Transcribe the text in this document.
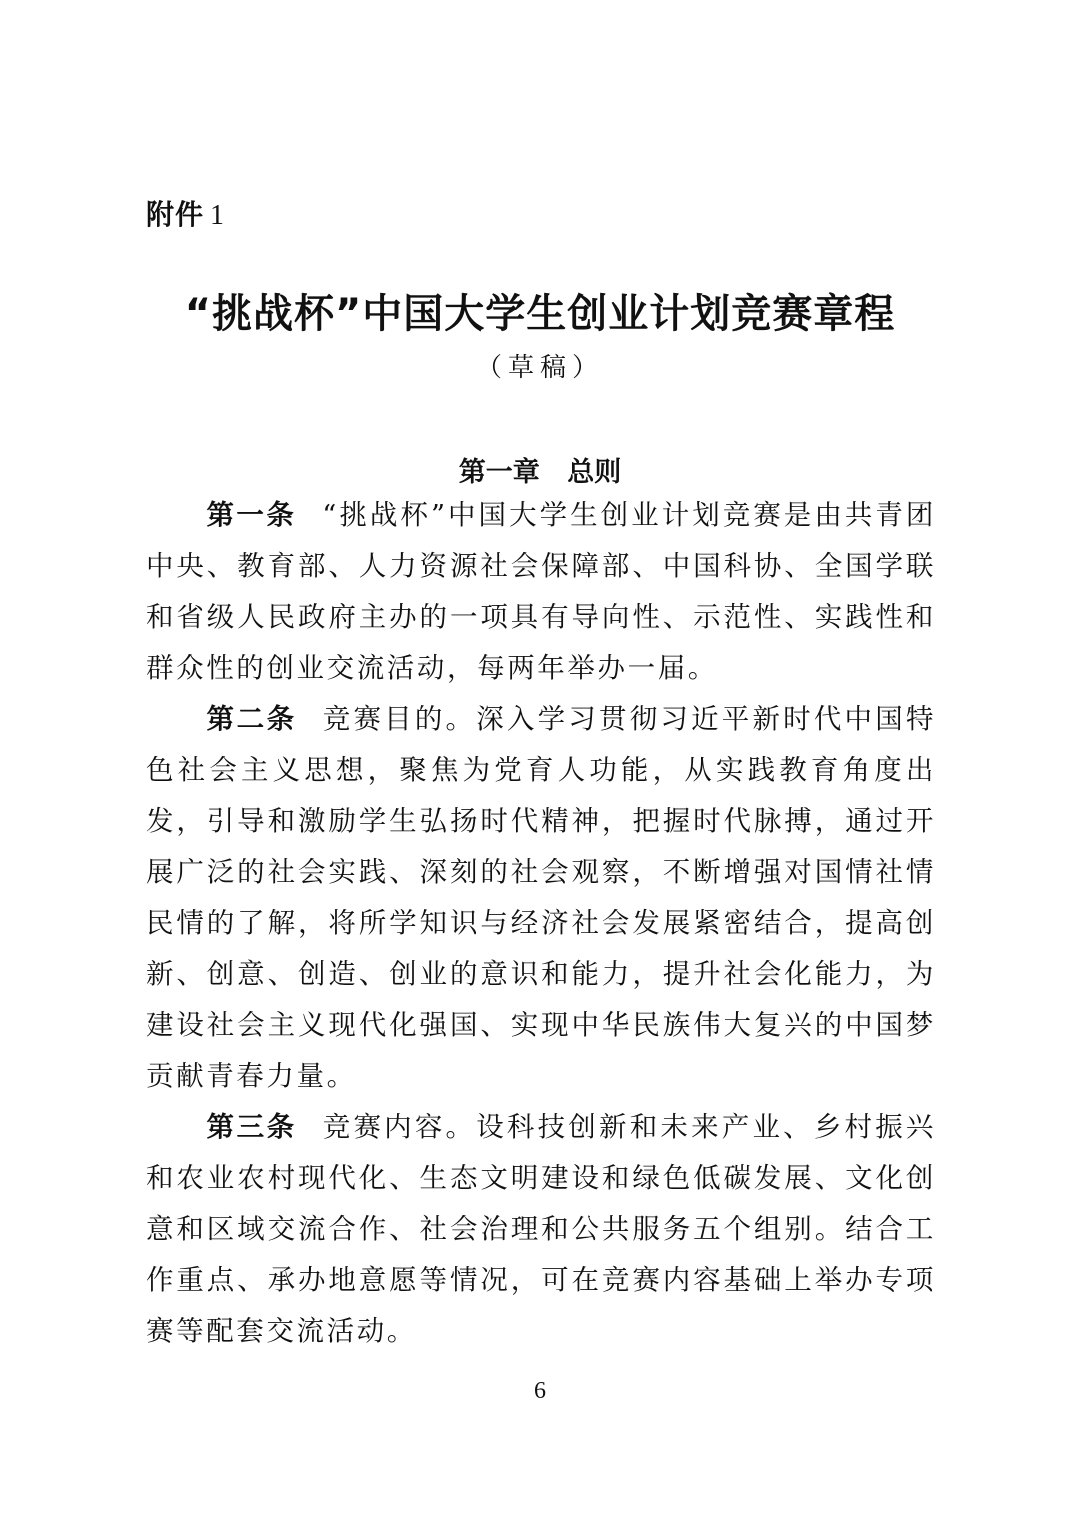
附件 1
“挑战杯”中国大学生创业计划竞赛章程
（草稿）
第一章 总则

第一条 “挑战杯”中国大学生创业计划竞赛是由共青团中央、教育部、人力资源社会保障部、中国科协、全国学联和省级人民政府主办的一项具有导向性、示范性、实践性和群众性的创业交流活动，每两年举办一届。

第二条 竞赛目的。深入学习贯彻习近平新时代中国特色社会主义思想，聚焦为党育人功能，从实践教育角度出发，引导和激励学生弘扬时代精神，把握时代脉搏，通过开展广泛的社会实践、深刻的社会观察，不断增强对国情社情民情的了解，将所学知识与经济社会发展紧密结合，提高创新、创意、创造、创业的意识和能力，提升社会化能力，为建设社会主义现代化强国、实现中华民族伟大复兴的中国梦贡献青春力量。

第三条 竞赛内容。设科技创新和未来产业、乡村振兴和农业农村现代化、生态文明建设和绿色低碳发展、文化创意和区域交流合作、社会治理和公共服务五个组别。结合工作重点、承办地意愿等情况，可在竞赛内容基础上举办专项赛等配套交流活动。

6
